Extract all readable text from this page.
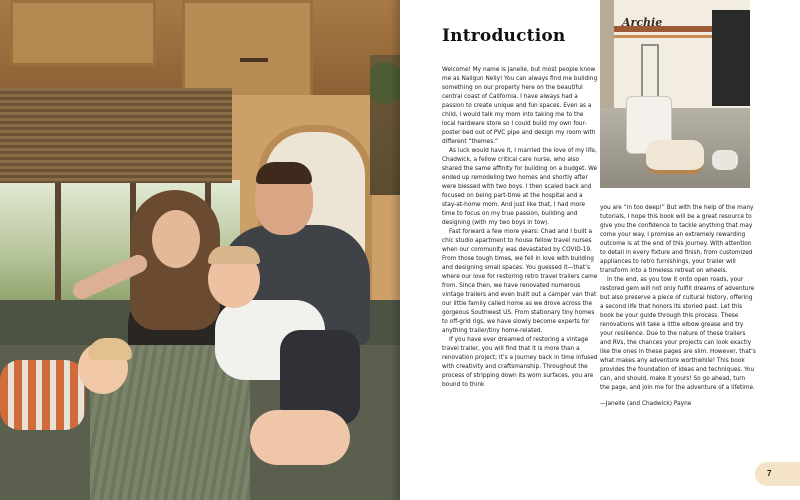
Introduction
Archie

Welcome! My name is Janelle, but most people know me as Nailgun Nelly! You can always find me building something on our property here on the beautiful central coast of California. I have always had a passion to create unique and fun spaces. Even as a child, I would talk my mom into taking me to the local hardware store so I could build my own four-poster bed out of PVC pipe and design my room with different “themes.”

As luck would have it, I married the love of my life, Chadwick, a fellow critical care nurse, who also shared the same affinity for building on a budget. We ended up remodeling two homes and shortly after were blessed with two boys. I then scaled back and focused on being part-time at the hospital and a stay-at-home mom. And just like that, I had more time to focus on my true passion, building and designing (with my two boys in tow).

Fast forward a few more years: Chad and I built a chic studio apartment to house fellow travel nurses when our community was devastated by COVID-19. From those tough times, we fell in love with building and designing small spaces. You guessed it—that’s where our love for restoring retro travel trailers came from. Since then, we have renovated numerous vintage trailers and even built out a camper van that our little family called home as we drove across the gorgeous Southwest US. From stationary tiny homes to off-grid rigs, we have slowly become experts for anything trailer/tiny home-related.

If you have ever dreamed of restoring a vintage travel trailer, you will find that it is more than a renovation project; it’s a journey back in time infused with creativity and craftsmanship. Throughout the process of stripping down its worn surfaces, you are bound to think

you are “in too deep!” But with the help of the many tutorials, I hope this book will be a great resource to give you the confidence to tackle anything that may come your way. I promise an extremely rewarding outcome is at the end of this journey. With attention to detail in every fixture and finish, from customized appliances to retro furnishings, your trailer will transform into a timeless retreat on wheels.

In the end, as you tow it onto open roads, your restored gem will not only fulfill dreams of adventure but also preserve a piece of cultural history, offering a second life that honors its storied past. Let this book be your guide through this process. These renovations will take a little elbow grease and try your resilience. Due to the nature of these trailers and RVs, the chances your projects can look exactly like the ones in these pages are slim. However, that’s what makes any adventure worthwhile! This book provides the foundation of ideas and techniques. You can, and should, make it yours! So go ahead, turn the page, and join me for the adventure of a lifetime.

—Janelle (and Chadwick) Payne

7
